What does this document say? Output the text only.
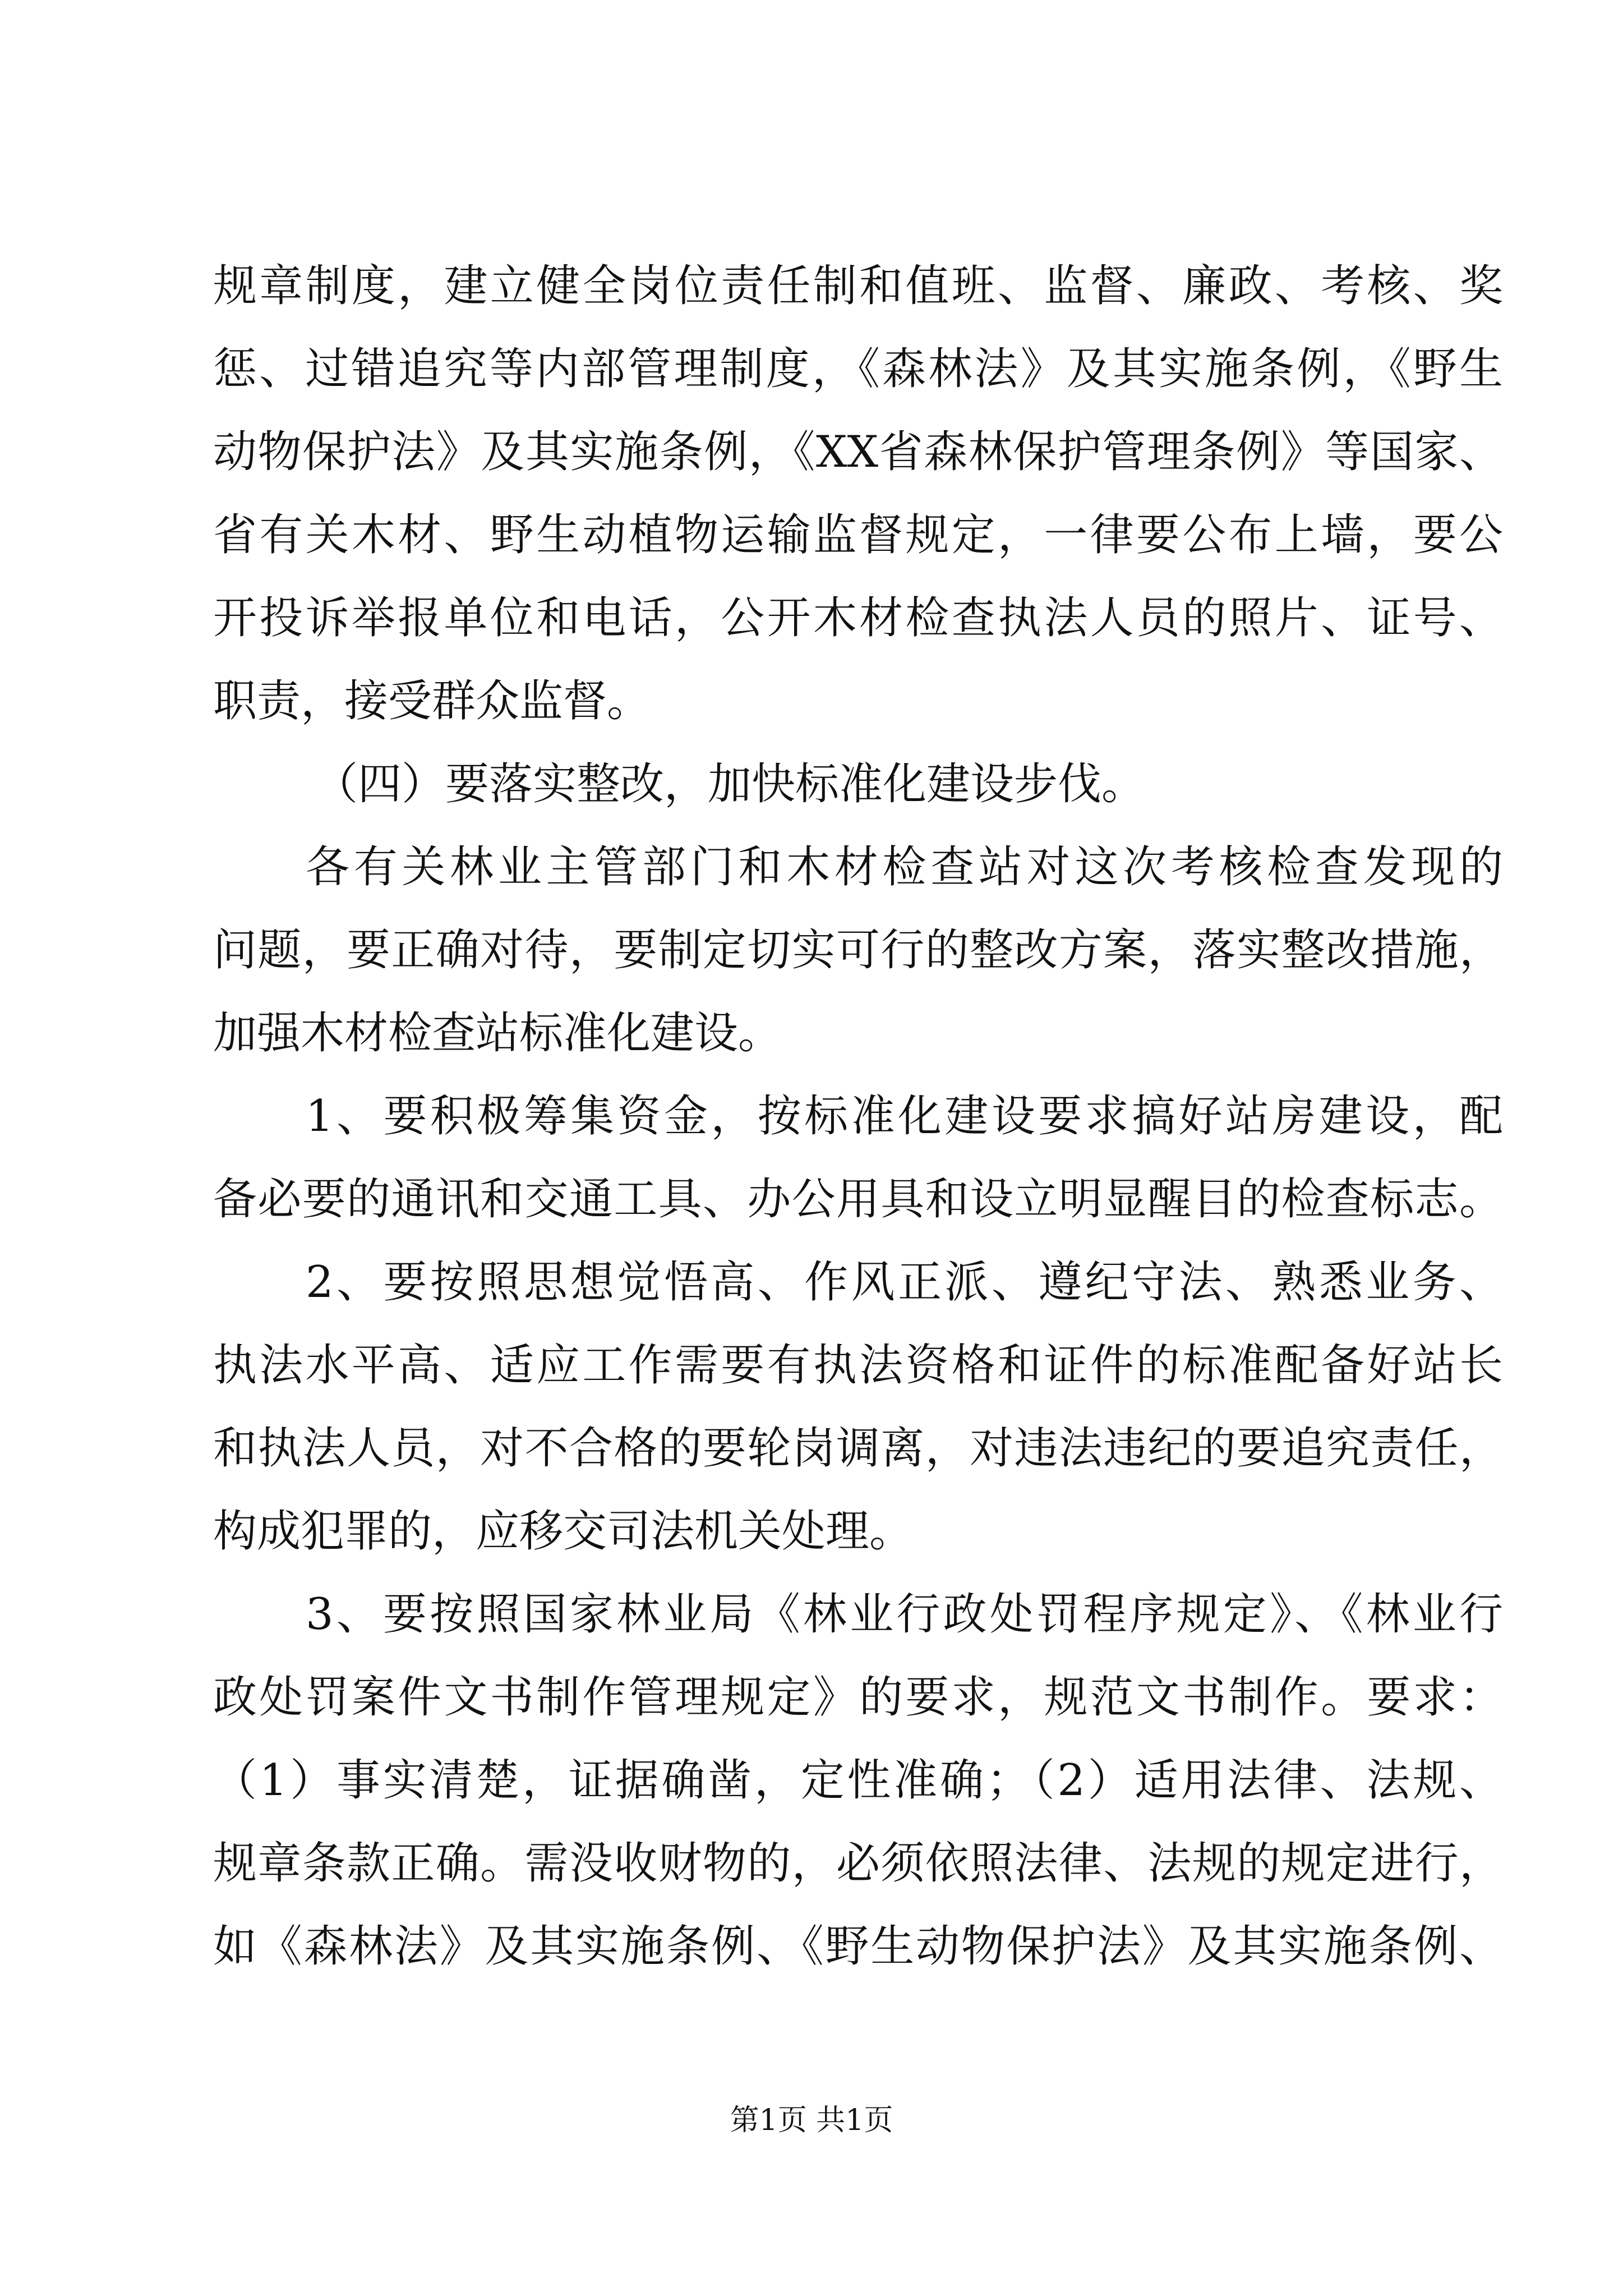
规章制度，建立健全岗位责任制和值班、监督、廉政、考核、奖
惩、过错追究等内部管理制度，《森林法》及其实施条例，《野生
动物保护法》及其实施条例，《XX省森林保护管理条例》等国家、
省有关木材、野生动植物运输监督规定，一律要公布上墙，要公
开投诉举报单位和电话，公开木材检查执法人员的照片、证号、
职责，接受群众监督。
（四）要落实整改，加快标准化建设步伐。
各有关林业主管部门和木材检查站对这次考核检查发现的
问题，要正确对待，要制定切实可行的整改方案，落实整改措施，
加强木材检查站标准化建设。
1、要积极筹集资金，按标准化建设要求搞好站房建设，配
备必要的通讯和交通工具、办公用具和设立明显醒目的检查标志。
2、要按照思想觉悟高、作风正派、遵纪守法、熟悉业务、
执法水平高、适应工作需要有执法资格和证件的标准配备好站长
和执法人员，对不合格的要轮岗调离，对违法违纪的要追究责任，
构成犯罪的，应移交司法机关处理。
3、要按照国家林业局《林业行政处罚程序规定》、《林业行
政处罚案件文书制作管理规定》的要求，规范文书制作。要求：
（1）事实清楚，证据确凿，定性准确；（2）适用法律、法规、
规章条款正确。需没收财物的，必须依照法律、法规的规定进行，
第1页 共1页
如《森林法》及其实施条例、《野生动物保护法》及其实施条例、
